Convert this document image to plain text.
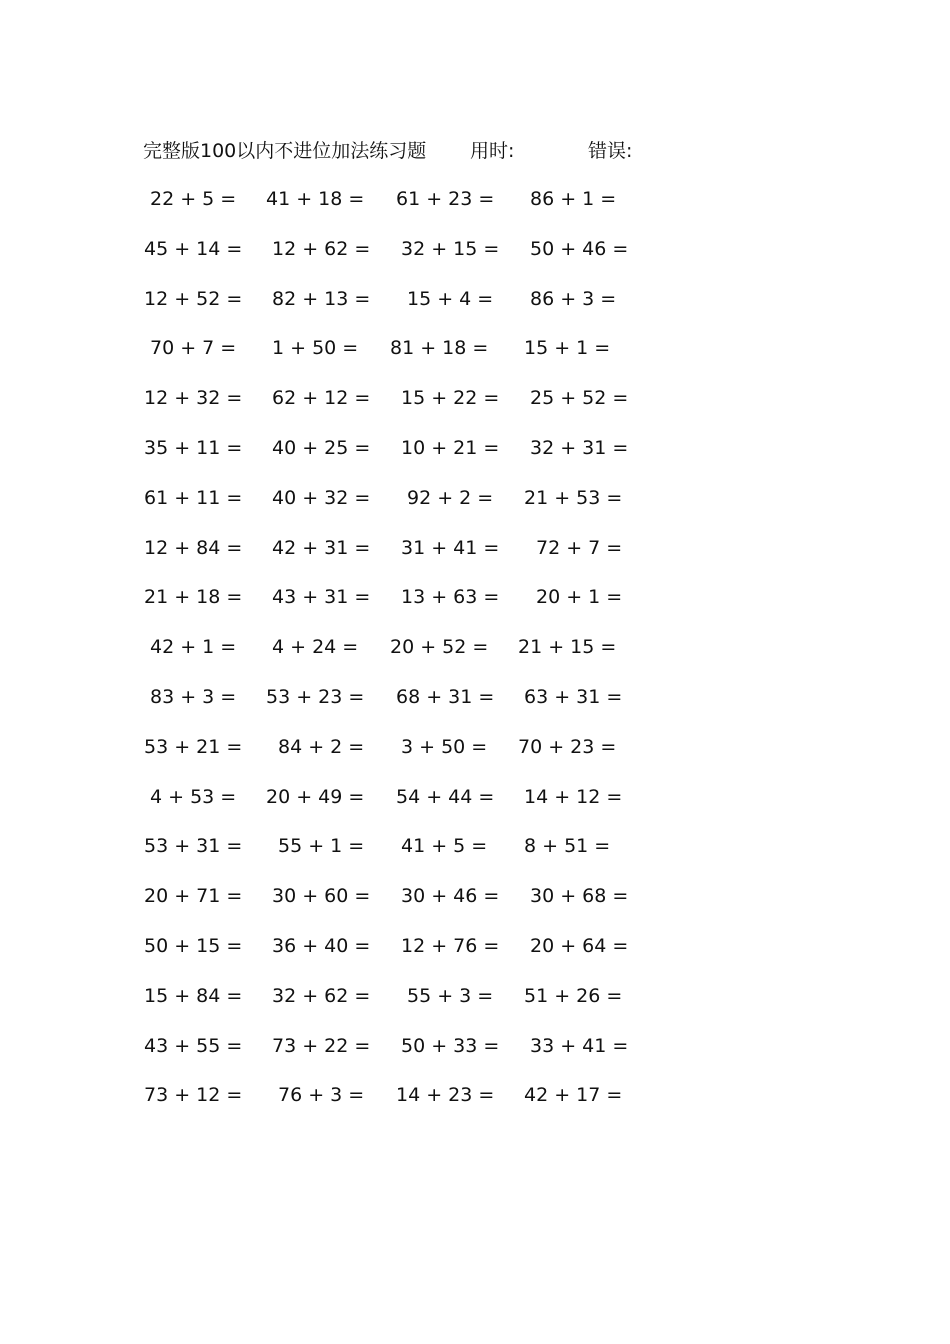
完整版100以内不进位加法练习题 用时:	错误:
22 + 5 = 41 + 18 = 61 + 23 = 86 + 1 =
45 + 14 = 12 + 62 = 32 + 15 = 50 + 46 =
12 + 52 = 82 + 13 = 15 + 4 = 86 + 3 =
70 + 7 = 1 + 50 = 81 + 18 = 15 + 1 =
12 + 32 = 62 + 12 = 15 + 22 = 25 + 52 =
35 + 11 = 40 + 25 = 10 + 21 = 32 + 31 =
61 + 11 = 40 + 32 = 92 + 2 = 21 + 53 =
12 + 84 = 42 + 31 = 31 + 41 = 72 + 7 =
21 + 18 = 43 + 31 = 13 + 63 = 20 + 1 =
42 + 1 = 4 + 24 = 20 + 52 = 21 + 15 =
83 + 3 = 53 + 23 = 68 + 31 = 63 + 31 =
53 + 21 = 84 + 2 = 3 + 50 = 70 + 23 =
4 + 53 = 20 + 49 = 54 + 44 = 14 + 12 =
53 + 31 = 55 + 1 = 41 + 5 = 8 + 51 =
20 + 71 = 30 + 60 = 30 + 46 = 30 + 68 =
50 + 15 = 36 + 40 = 12 + 76 = 20 + 64 =
15 + 84 = 32 + 62 = 55 + 3 = 51 + 26 =
43 + 55 = 73 + 22 = 50 + 33 = 33 + 41 =
73 + 12 = 76 + 3 = 14 + 23 = 42 + 17 =
